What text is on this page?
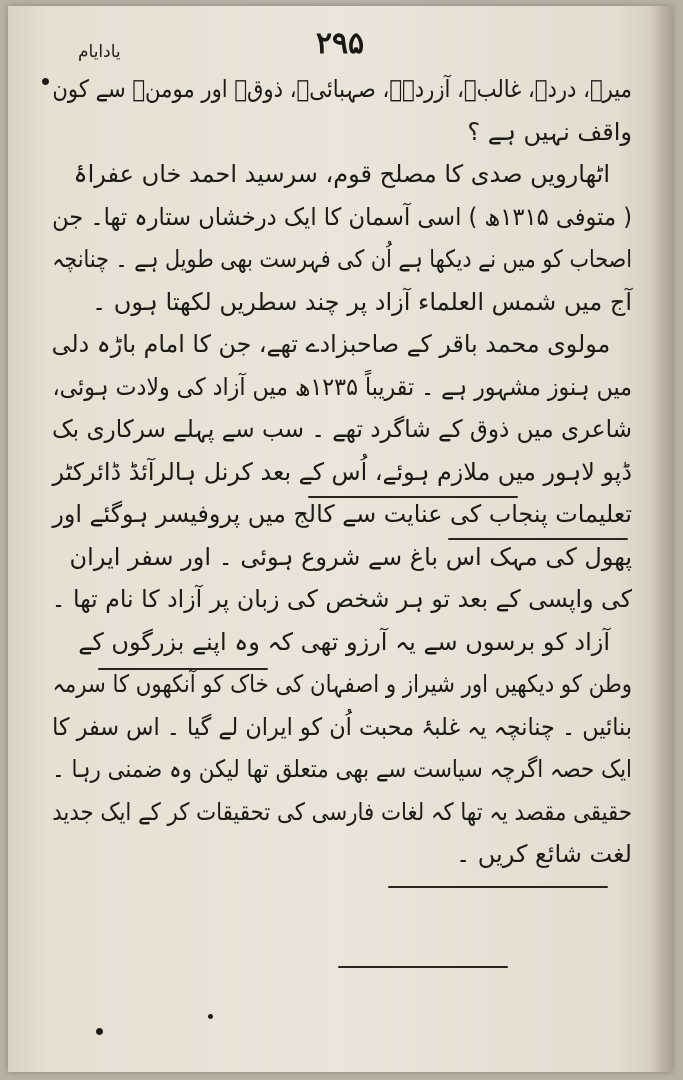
۲۹۵
یادایام
میرؔ، دردؔ، غالبؔ، آزردہؔ، صہبائیؔ، ذوقؔ اور مومنؔ سے کون
واقف نہیں ہے ؟
اٹھارویں صدی کا مصلح قوم، سرسید احمد خاں عفراۂ
( متوفی ۱۳۱۵ھ ) اسی آسمان کا ایک درخشاں ستارہ تھا۔ جن
اصحاب کو میں نے دیکھا ہے اُن کی فہرست بھی طویل ہے ۔ چنانچہ
آج میں شمس العلماء آزاد پر چند سطریں لکھتا ہوں ۔
مولوی محمد باقر کے صاحبزادے تھے، جن کا امام باڑہ دلی
میں ہنوز مشہور ہے ۔ تقریباً ۱۲۳۵ھ میں آزاد کی ولادت ہوئی،
شاعری میں ذوق کے شاگرد تھے ۔ سب سے پہلے سرکاری بک
ڈپو لاہور میں ملازم ہوئے، اُس کے بعد کرنل ہالرآئڈ ڈائرکٹر
تعلیمات پنجاب کی عنایت سے کالج میں پروفیسر ہوگئے اور
پھول کی مہک اس باغ سے شروع ہوئی ۔ اور سفر ایران
کی واپسی کے بعد تو ہر شخص کی زبان پر آزاد کا نام تھا ۔
آزاد کو برسوں سے یہ آرزو تھی کہ وہ اپنے بزرگوں کے
وطن کو دیکھیں اور شیراز و اصفہان کی خاک کو آنکھوں کا سرمہ
بنائیں ۔ چنانچہ یہ غلبۂ محبت اُن کو ایران لے گیا ۔ اس سفر کا
ایک حصہ اگرچہ سیاست سے بھی متعلق تھا لیکن وہ ضمنی رہا ۔
حقیقی مقصد یہ تھا کہ لغات فارسی کی تحقیقات کر کے ایک جدید
لغت شائع کریں ۔
